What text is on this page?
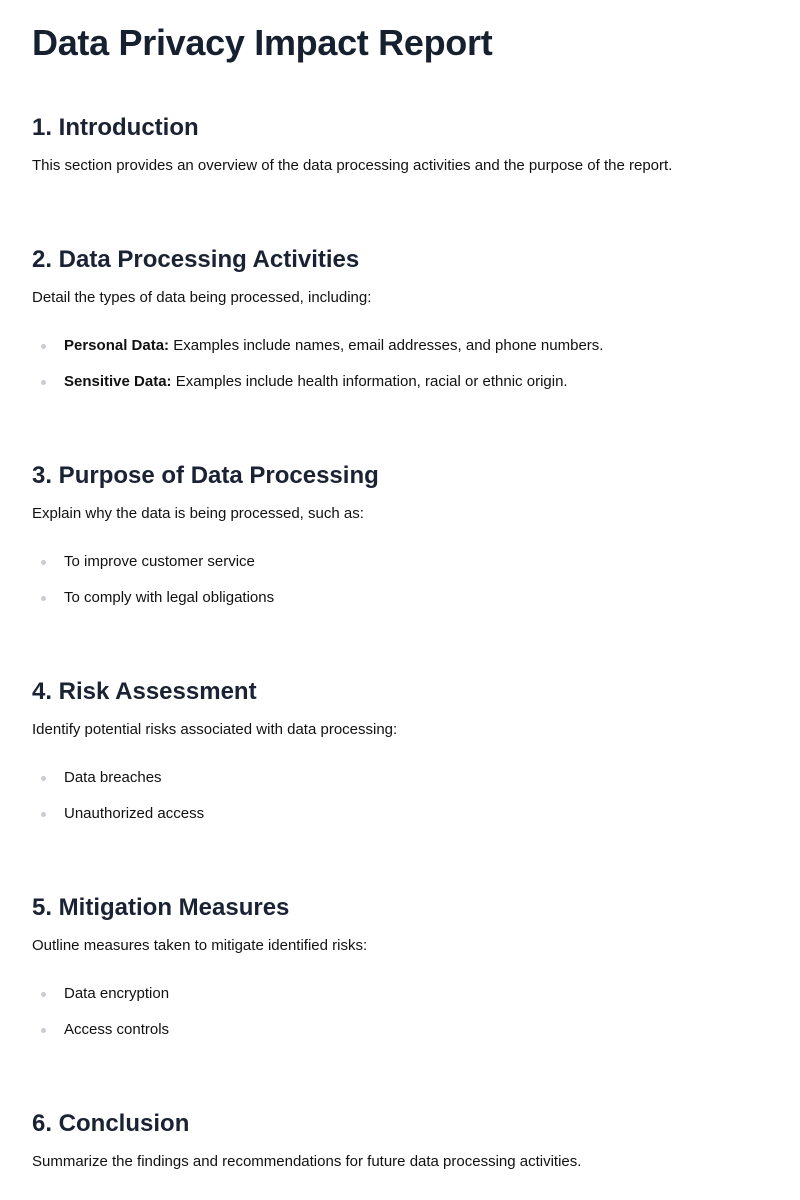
Data Privacy Impact Report
1. Introduction

This section provides an overview of the data processing activities and the purpose of the report.

2. Data Processing Activities

Detail the types of data being processed, including:

Personal Data: Examples include names, email addresses, and phone numbers.
Sensitive Data: Examples include health information, racial or ethnic origin.
3. Purpose of Data Processing

Explain why the data is being processed, such as:

To improve customer service
To comply with legal obligations
4. Risk Assessment

Identify potential risks associated with data processing:

Data breaches
Unauthorized access
5. Mitigation Measures

Outline measures taken to mitigate identified risks:

Data encryption
Access controls
6. Conclusion

Summarize the findings and recommendations for future data processing activities.
